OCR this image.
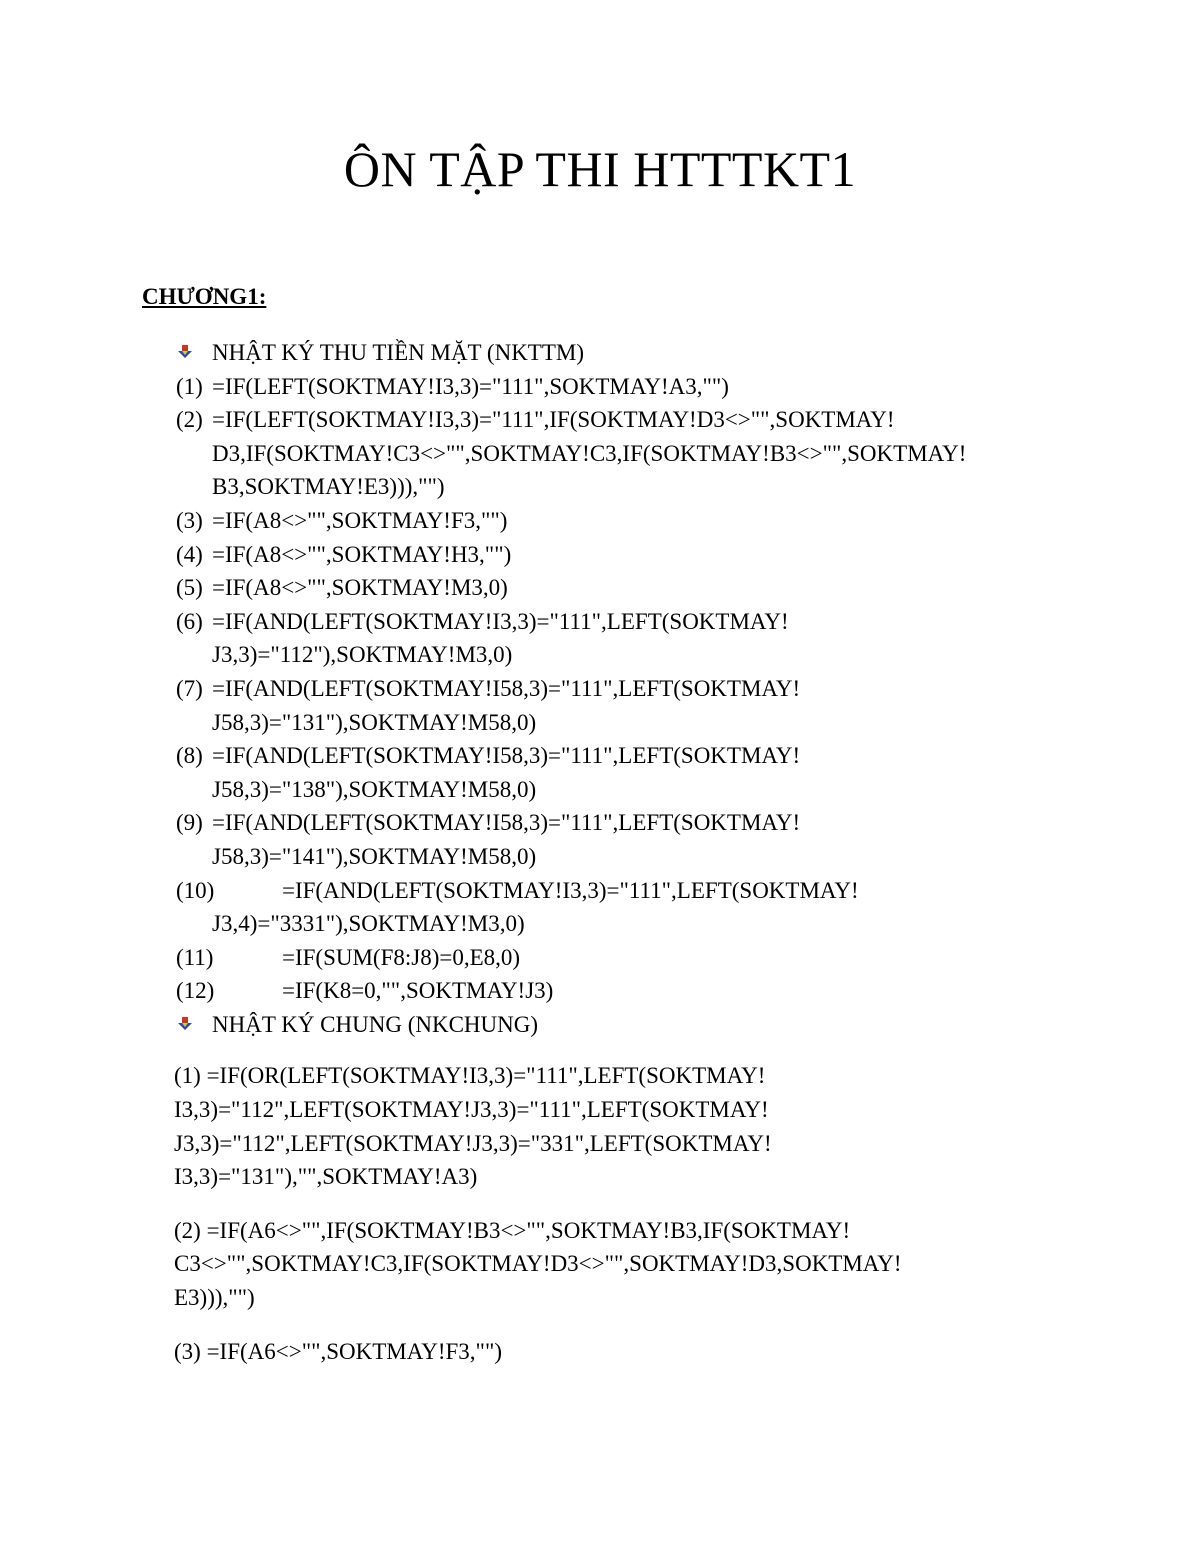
ÔN TẬP THI HTTTKT1
CHƯƠNG1:
NHẬT KÝ THU TIỀN MẶT (NKTTM)
(1) =IF(LEFT(SOKTMAY!I3,3)="111",SOKTMAY!A3,"")
(2) =IF(LEFT(SOKTMAY!I3,3)="111",IF(SOKTMAY!D3<>"",SOKTMAY!
D3,IF(SOKTMAY!C3<>"",SOKTMAY!C3,IF(SOKTMAY!B3<>"",SOKTMAY!
B3,SOKTMAY!E3))),"")
(3) =IF(A8<>"",SOKTMAY!F3,"")
(4) =IF(A8<>"",SOKTMAY!H3,"")
(5) =IF(A8<>"",SOKTMAY!M3,0)
(6) =IF(AND(LEFT(SOKTMAY!I3,3)="111",LEFT(SOKTMAY!
J3,3)="112"),SOKTMAY!M3,0)
(7) =IF(AND(LEFT(SOKTMAY!I58,3)="111",LEFT(SOKTMAY!
J58,3)="131"),SOKTMAY!M58,0)
(8) =IF(AND(LEFT(SOKTMAY!I58,3)="111",LEFT(SOKTMAY!
J58,3)="138"),SOKTMAY!M58,0)
(9) =IF(AND(LEFT(SOKTMAY!I58,3)="111",LEFT(SOKTMAY!
J58,3)="141"),SOKTMAY!M58,0)
(10)	=IF(AND(LEFT(SOKTMAY!I3,3)="111",LEFT(SOKTMAY!
J3,4)="3331"),SOKTMAY!M3,0)
(11)	=IF(SUM(F8:J8)=0,E8,0)
(12)	=IF(K8=0,"",SOKTMAY!J3)
NHẬT KÝ CHUNG (NKCHUNG)
(1) =IF(OR(LEFT(SOKTMAY!I3,3)="111",LEFT(SOKTMAY!
I3,3)="112",LEFT(SOKTMAY!J3,3)="111",LEFT(SOKTMAY!
J3,3)="112",LEFT(SOKTMAY!J3,3)="331",LEFT(SOKTMAY!
I3,3)="131"),"",SOKTMAY!A3)
(2) =IF(A6<>"",IF(SOKTMAY!B3<>"",SOKTMAY!B3,IF(SOKTMAY!
C3<>"",SOKTMAY!C3,IF(SOKTMAY!D3<>"",SOKTMAY!D3,SOKTMAY!
E3))),"")
(3) =IF(A6<>"",SOKTMAY!F3,"")
